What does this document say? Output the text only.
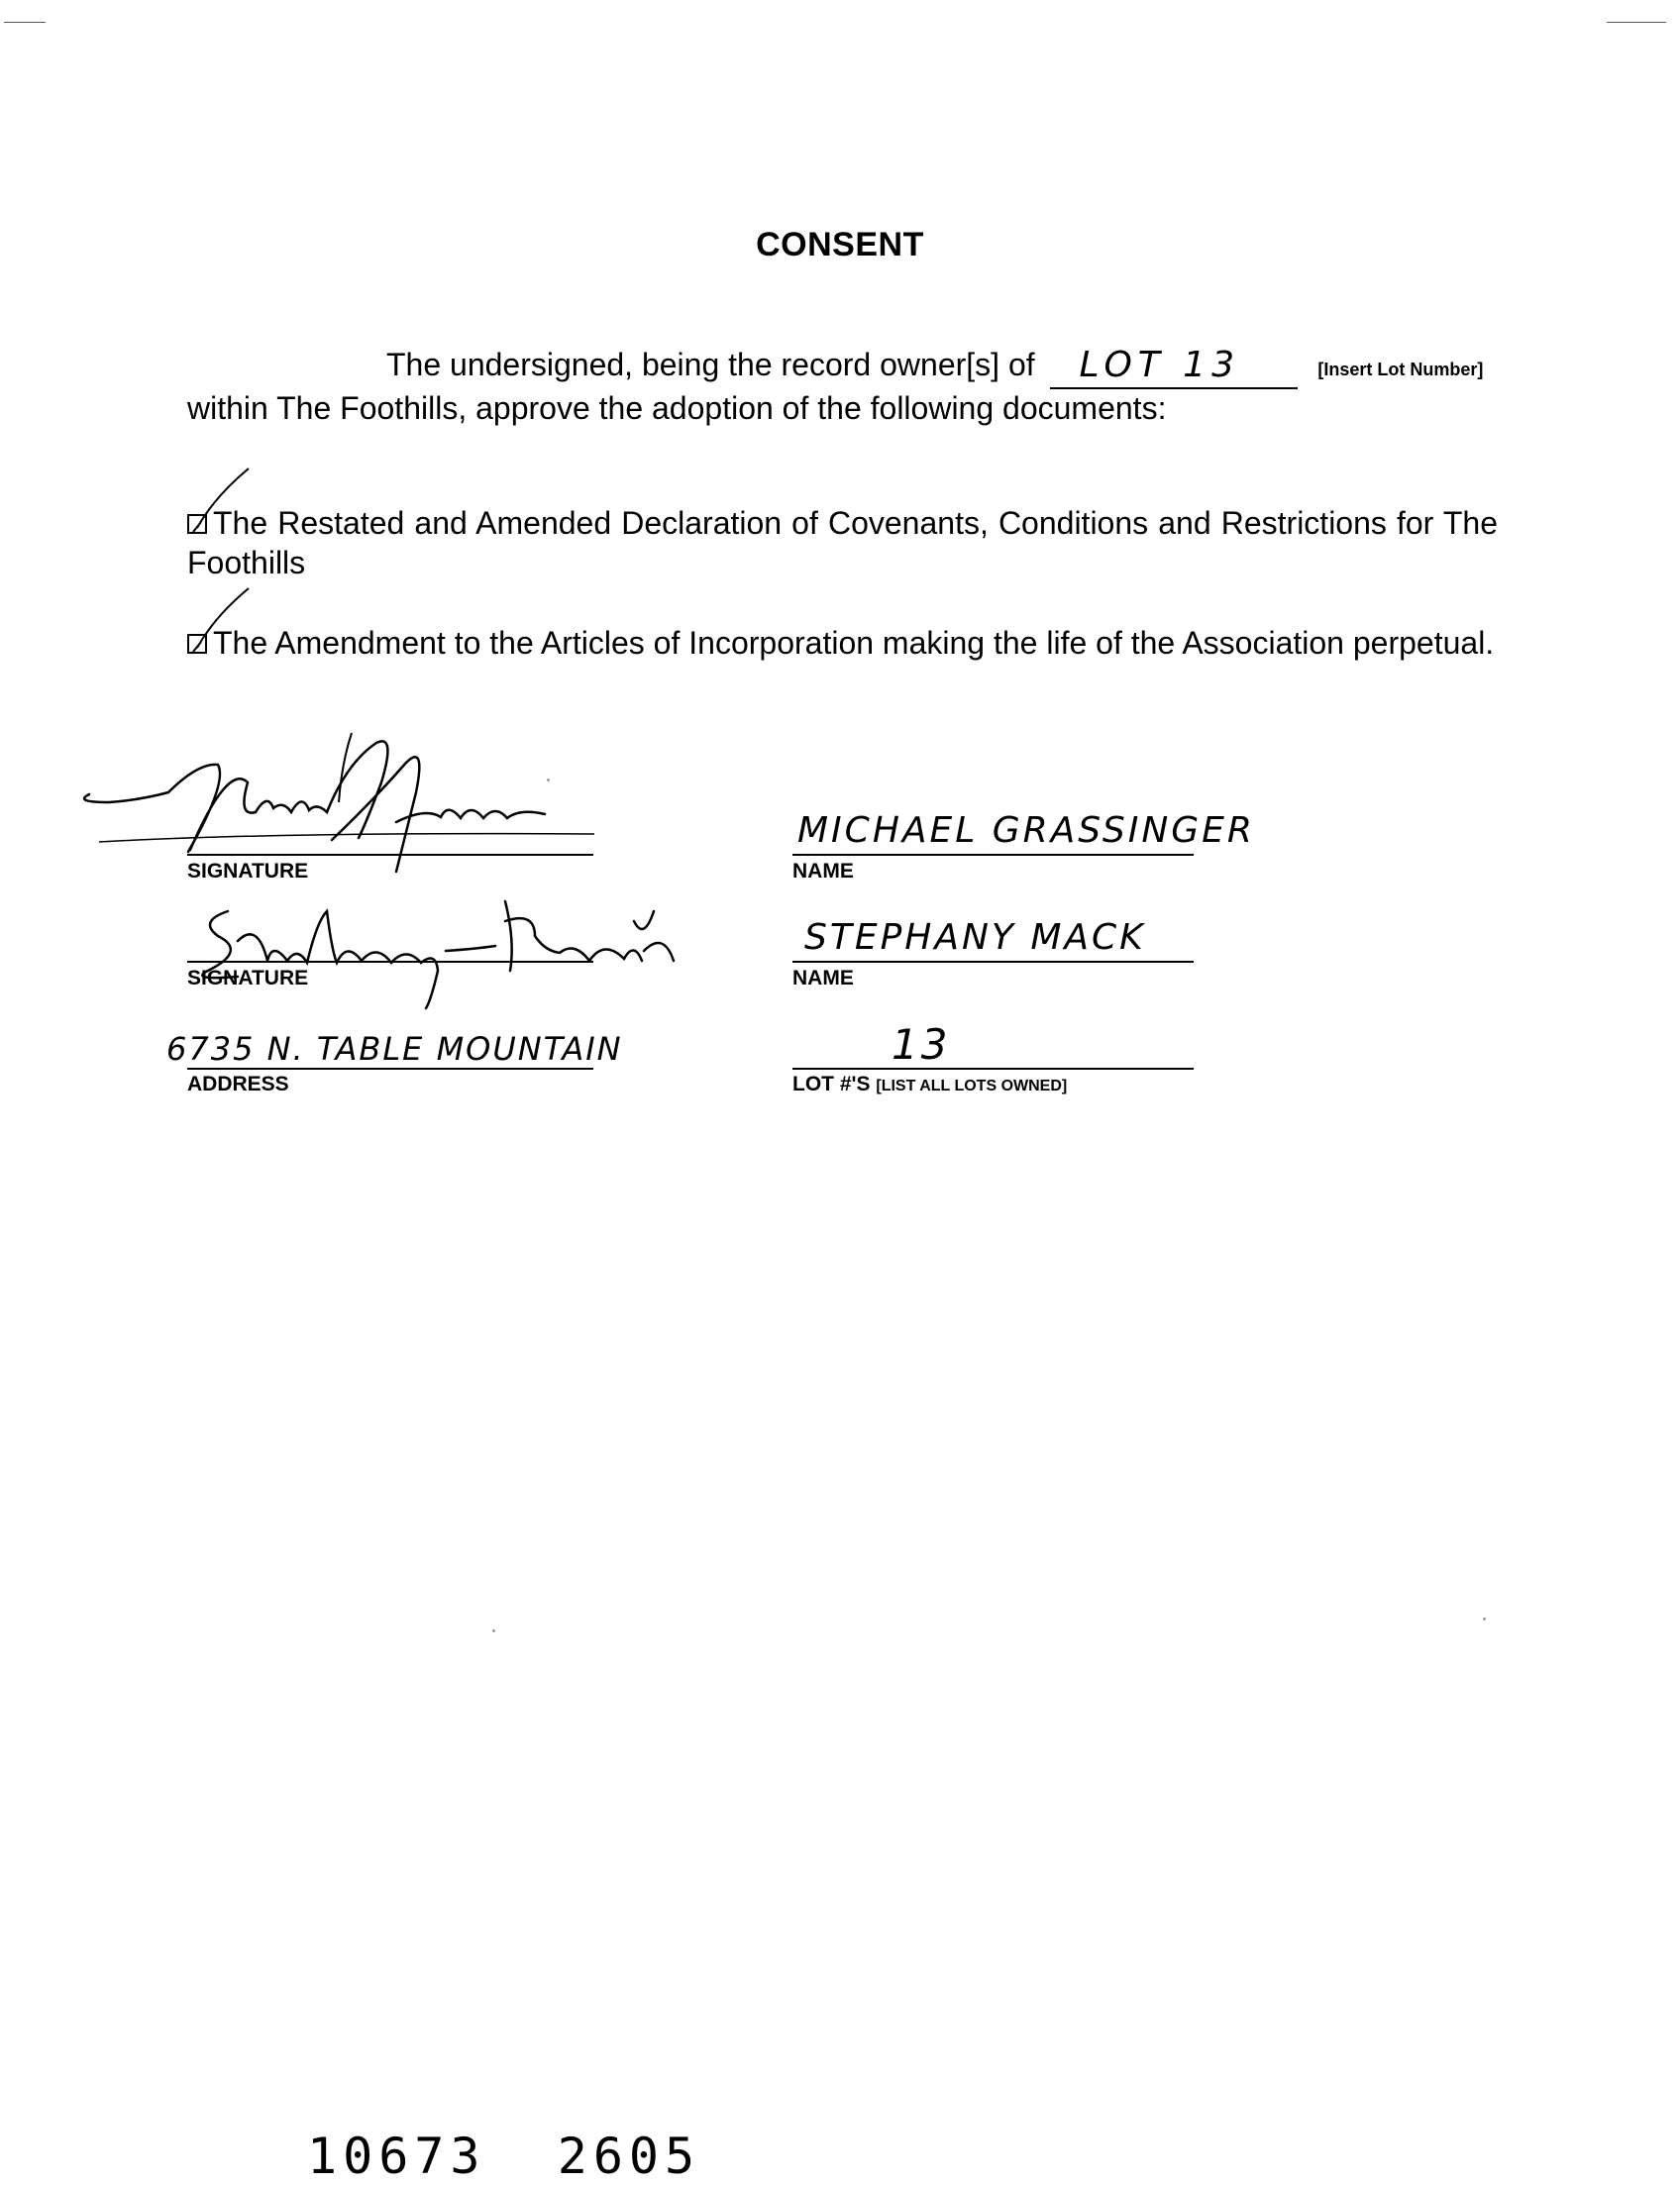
CONSENT
The undersigned, being the record owner[s] of LOT 13	[Insert Lot Number]
within The Foothills, approve the adoption of the following documents:
The Restated and Amended Declaration of Covenants, Conditions and Restrictions for The Foothills
The Amendment to the Articles of Incorporation making the life of the Association perpetual.
SIGNATURE
MICHAEL GRASSINGER
NAME
SIGNATURE
STEPHANY MACK
NAME
6735 N. TABLE MOUNTAIN
ADDRESS
13
LOT #'S [LIST ALL LOTS OWNED]
10673  2605
